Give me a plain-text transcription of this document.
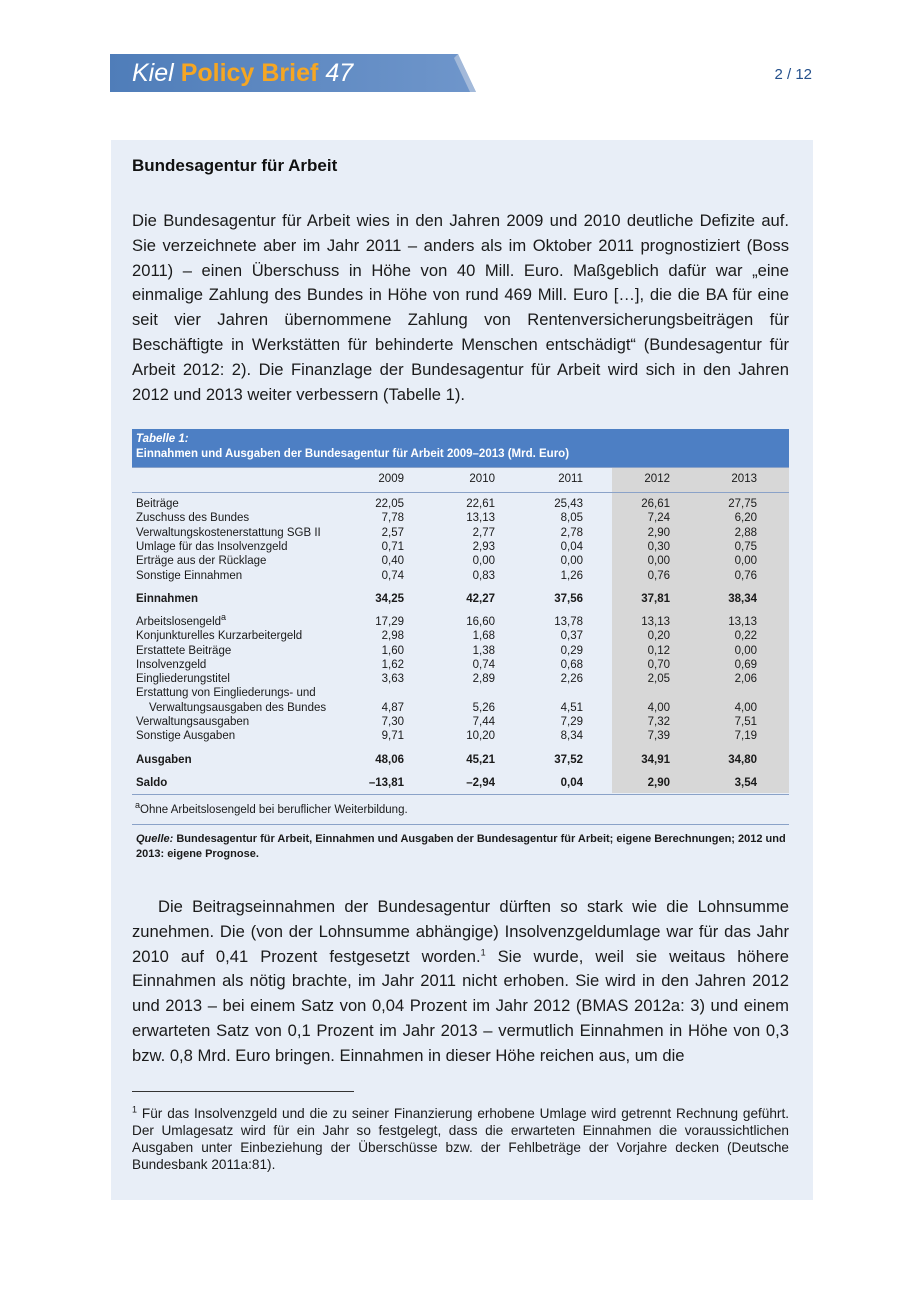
Kiel Policy Brief 47	2 / 12
Bundesagentur für Arbeit
Die Bundesagentur für Arbeit wies in den Jahren 2009 und 2010 deutliche Defizite auf. Sie verzeichnete aber im Jahr 2011 – anders als im Oktober 2011 prognostiziert (Boss 2011) – einen Überschuss in Höhe von 40 Mill. Euro. Maßgeblich dafür war „eine einmalige Zahlung des Bundes in Höhe von rund 469 Mill. Euro […], die die BA für eine seit vier Jahren übernommene Zahlung von Rentenversicherungsbeiträgen für Beschäftigte in Werkstätten für behinderte Menschen entschädigt“ (Bundesagentur für Arbeit 2012: 2). Die Finanzlage der Bundesagentur für Arbeit wird sich in den Jahren 2012 und 2013 weiter verbessern (Tabelle 1).
Tabelle 1:
Einnahmen und Ausgaben der Bundesagentur für Arbeit 2009–2013 (Mrd. Euro)
2009	2010	2011	2012	2013
Beiträge	22,05	22,61	25,43	26,61	27,75
Zuschuss des Bundes	7,78	13,13	8,05	7,24	6,20
Verwaltungskostenerstattung SGB II	2,57	2,77	2,78	2,90	2,88
Umlage für das Insolvenzgeld	0,71	2,93	0,04	0,30	0,75
Erträge aus der Rücklage	0,40	0,00	0,00	0,00	0,00
Sonstige Einnahmen	0,74	0,83	1,26	0,76	0,76
Einnahmen	34,25	42,27	37,56	37,81	38,34
Arbeitslosengeld$^a$	17,29	16,60	13,78	13,13	13,13
Konjunkturelles Kurzarbeitergeld	2,98	1,68	0,37	0,20	0,22
Erstattete Beiträge	1,60	1,38	0,29	0,12	0,00
Insolvenzgeld	1,62	0,74	0,68	0,70	0,69
Eingliederungstitel	3,63	2,89	2,26	2,05	2,06
Erstattung von Eingliederungs- und
Verwaltungsausgaben des Bundes	4,87	5,26	4,51	4,00	4,00
Verwaltungsausgaben	7,30	7,44	7,29	7,32	7,51
Sonstige Ausgaben	9,71	10,20	8,34	7,39	7,19
Ausgaben	48,06	45,21	37,52	34,91	34,80
Saldo	–13,81	–2,94	0,04	2,90	3,54
$^a$Ohne Arbeitslosengeld bei beruflicher Weiterbildung.
Quelle: Bundesagentur für Arbeit, Einnahmen und Ausgaben der Bundesagentur für Arbeit; eigene Berechnungen; 2012 und 2013: eigene Prognose.
Die Beitragseinnahmen der Bundesagentur dürften so stark wie die Lohnsumme zunehmen. Die (von der Lohnsumme abhängige) Insolvenzgeldumlage war für das Jahr 2010 auf 0,41 Prozent festgesetzt worden.$^1$ Sie wurde, weil sie weitaus höhere Einnahmen als nötig brachte, im Jahr 2011 nicht erhoben. Sie wird in den Jahren 2012 und 2013 – bei einem Satz von 0,04 Prozent im Jahr 2012 (BMAS 2012a: 3) und einem erwarteten Satz von 0,1 Prozent im Jahr 2013 – vermutlich Einnahmen in Höhe von 0,3 bzw. 0,8 Mrd. Euro bringen. Einnahmen in dieser Höhe reichen aus, um die
$^1$ Für das Insolvenzgeld und die zu seiner Finanzierung erhobene Umlage wird getrennt Rechnung geführt. Der Umlagesatz wird für ein Jahr so festgelegt, dass die erwarteten Einnahmen die voraussichtlichen Ausgaben unter Einbeziehung der Überschüsse bzw. der Fehlbeträge der Vorjahre decken (Deutsche Bundesbank 2011a:81).
